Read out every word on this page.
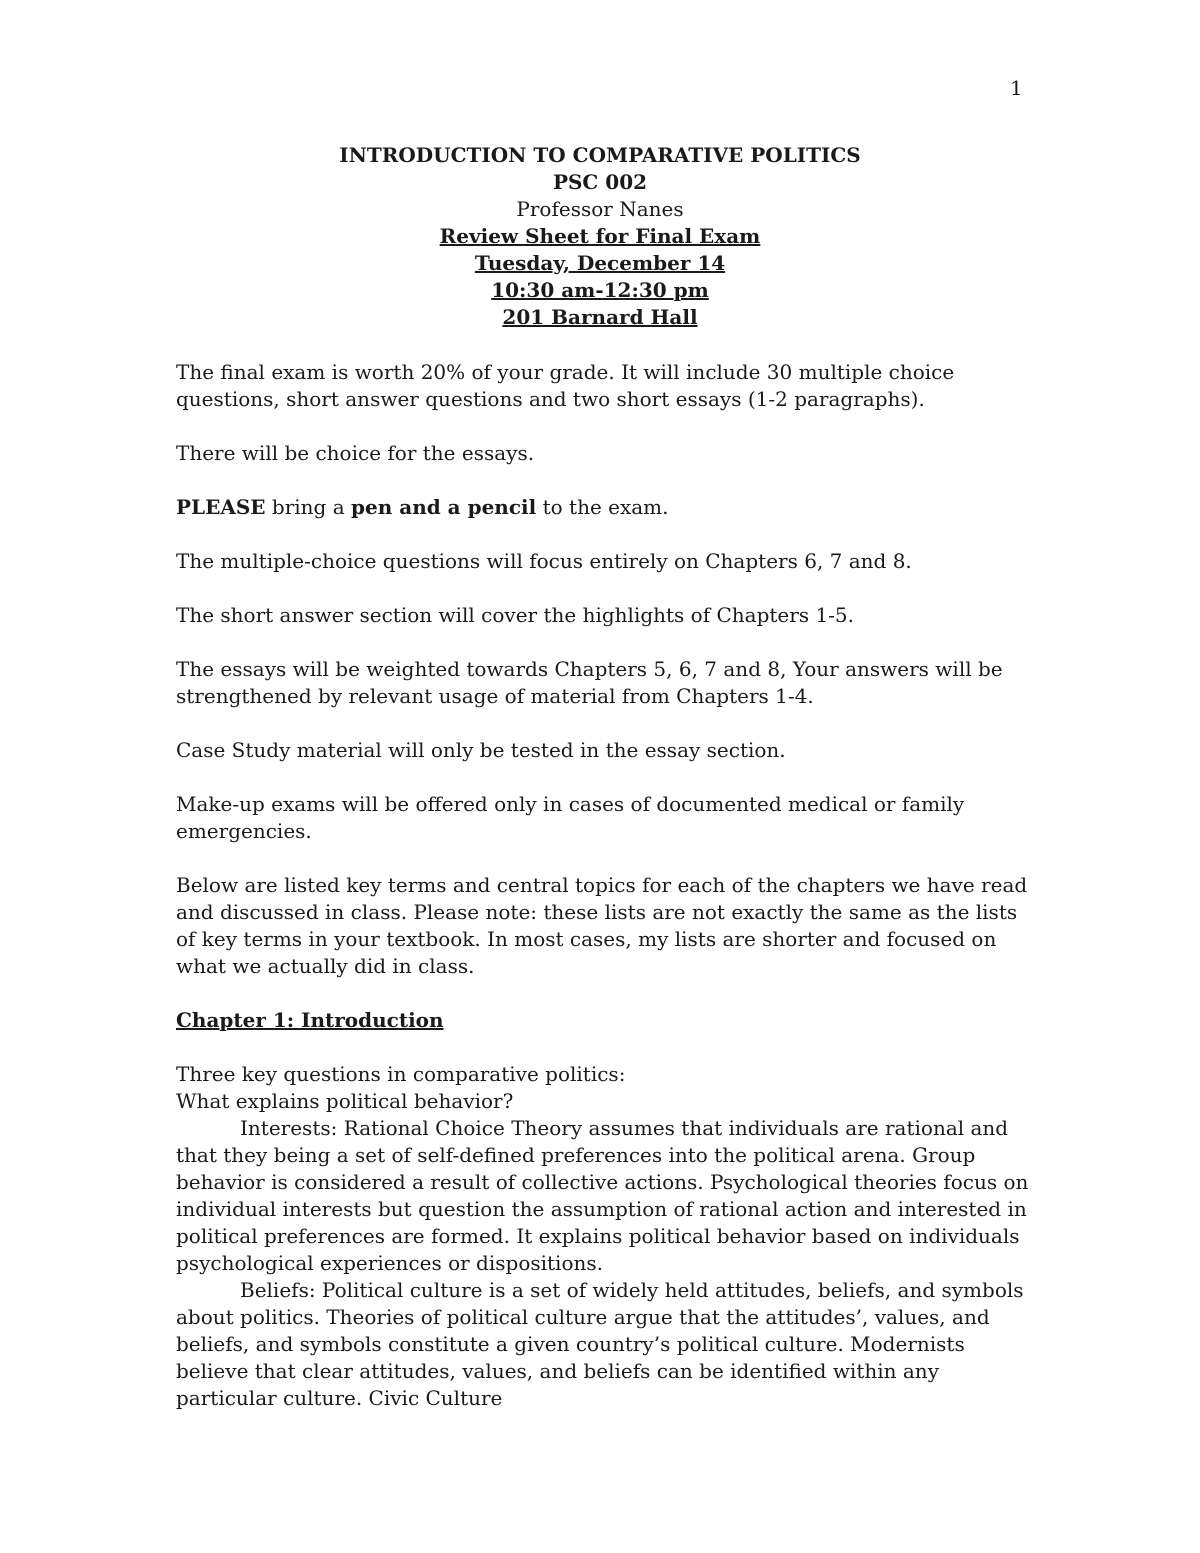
1
INTRODUCTION TO COMPARATIVE POLITICS
PSC 002
Professor Nanes
Review Sheet for Final Exam
Tuesday, December 14
10:30 am-12:30 pm
201 Barnard Hall

The final exam is worth 20% of your grade. It will include 30 multiple choice questions, short answer questions and two short essays (1-2 paragraphs).

There will be choice for the essays.

PLEASE bring a pen and a pencil to the exam.

The multiple-choice questions will focus entirely on Chapters 6, 7 and 8.

The short answer section will cover the highlights of Chapters 1-5.

The essays will be weighted towards Chapters 5, 6, 7 and 8, Your answers will be strengthened by relevant usage of material from Chapters 1-4.

Case Study material will only be tested in the essay section.

Make-up exams will be offered only in cases of documented medical or family emergencies.

Below are listed key terms and central topics for each of the chapters we have read and discussed in class. Please note: these lists are not exactly the same as the lists of key terms in your textbook. In most cases, my lists are shorter and focused on what we actually did in class.

Chapter 1: Introduction
Three key questions in comparative politics:
What explains political behavior?
Interests: Rational Choice Theory assumes that individuals are rational and that they being a set of self-defined preferences into the political arena. Group behavior is considered a result of collective actions. Psychological theories focus on individual interests but question the assumption of rational action and interested in political preferences are formed. It explains political behavior based on individuals psychological experiences or dispositions.
Beliefs: Political culture is a set of widely held attitudes, beliefs, and symbols about politics. Theories of political culture argue that the attitudes’, values, and beliefs, and symbols constitute a given country’s political culture. Modernists believe that clear attitudes, values, and beliefs can be identified within any particular culture. Civic Culture
